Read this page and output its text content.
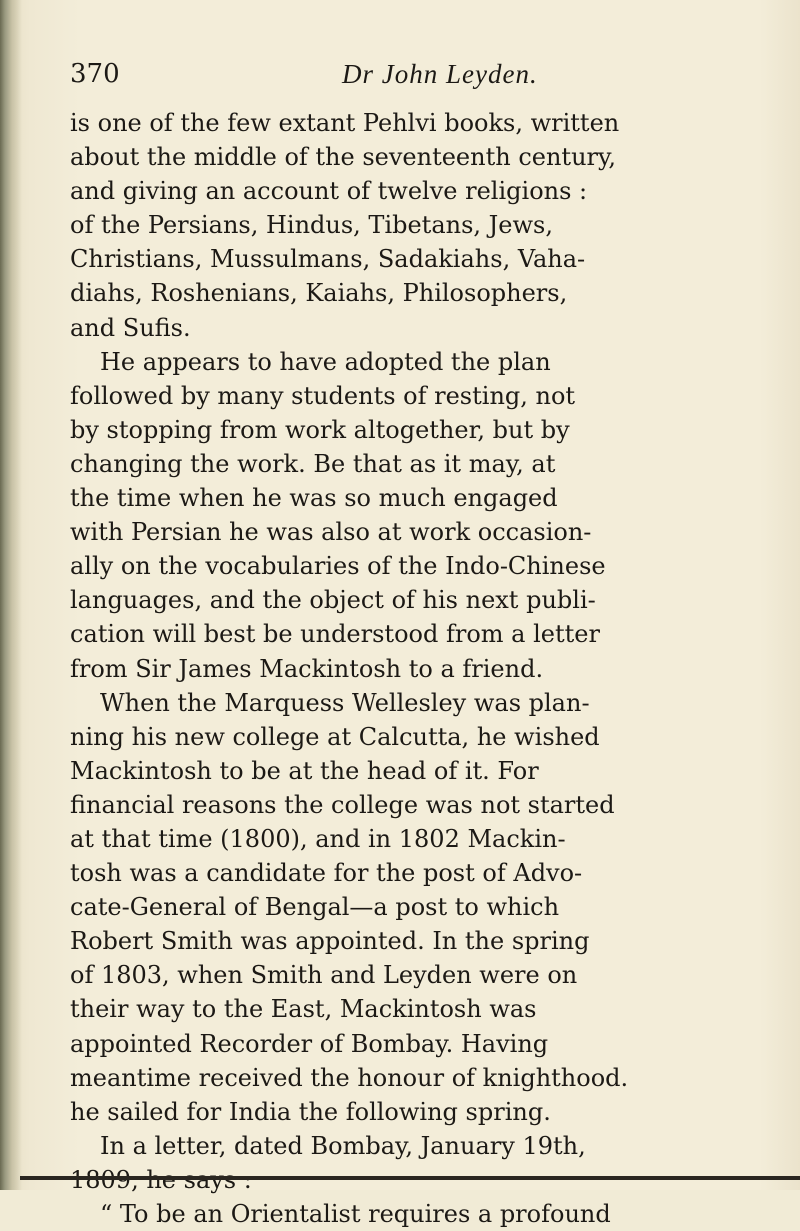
370	Dr John Leyden.
is one of the few extant Pehlvi books, written
about the middle of the seventeenth century,
and giving an account of twelve religions :
of the Persians, Hindus, Tibetans, Jews,
Christians, Mussulmans, Sadakiahs, Vaha-
diahs, Roshenians, Kaiahs, Philosophers,
and Sufis.
He appears to have adopted the plan
followed by many students of resting, not
by stopping from work altogether, but by
changing the work. Be that as it may, at
the time when he was so much engaged
with Persian he was also at work occasion-
ally on the vocabularies of the Indo-Chinese
languages, and the object of his next publi-
cation will best be understood from a letter
from Sir James Mackintosh to a friend.
When the Marquess Wellesley was plan-
ning his new college at Calcutta, he wished
Mackintosh to be at the head of it. For
financial reasons the college was not started
at that time (1800), and in 1802 Mackin-
tosh was a candidate for the post of Advo-
cate-General of Bengal—a post to which
Robert Smith was appointed. In the spring
of 1803, when Smith and Leyden were on
their way to the East, Mackintosh was
appointed Recorder of Bombay. Having
meantime received the honour of knighthood.
he sailed for India the following spring.
In a letter, dated Bombay, January 19th,
“ To be an Orientalist requires a profound
